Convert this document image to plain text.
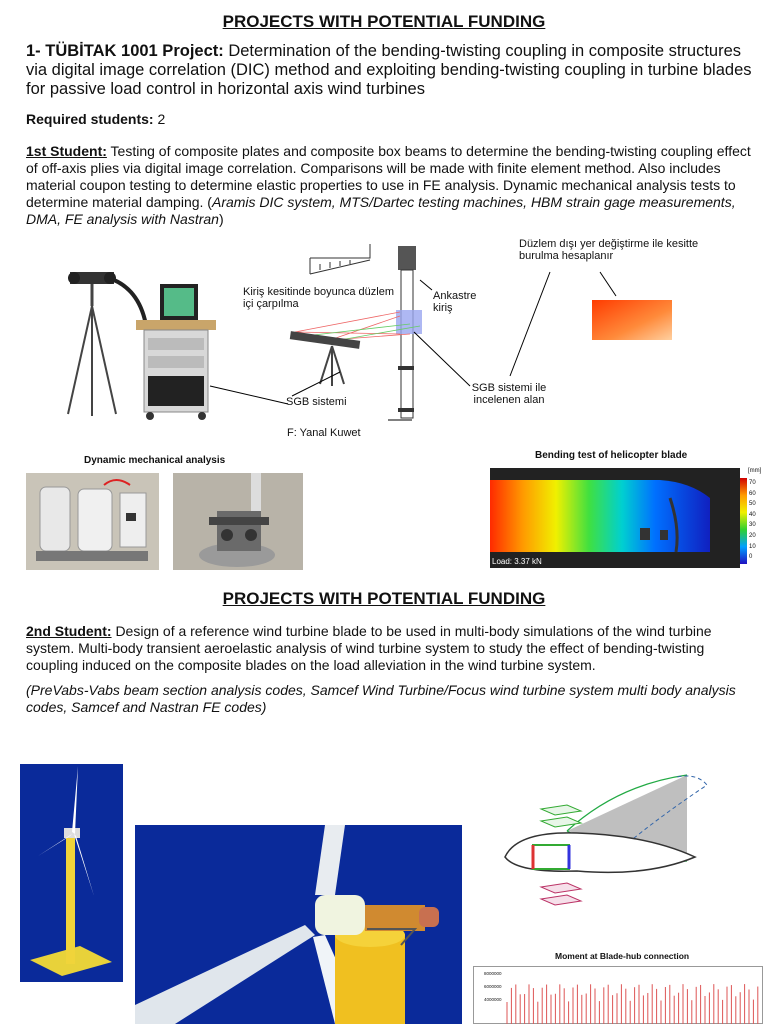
PROJECTS WITH POTENTIAL FUNDING
1- TÜBİTAK 1001 Project: Determination of the bending-twisting coupling in composite structures via digital image correlation (DIC) method and exploiting bending-twisting coupling in turbine blades for passive load control in horizontal axis wind turbines
Required students: 2
1st Student: Testing of composite plates and composite box beams to determine the bending-twisting coupling effect of off-axis plies via digital image correlation. Comparisons will be made with finite element method. Also includes material coupon testing to determine elastic properties to use in FE analysis. Dynamic mechanical analysis tests to determine material damping. (Aramis DIC system, MTS/Dartec testing machines, HBM strain gage measurements, DMA, FE analysis with Nastran)
Kiriş kesitinde boyunca düzlem içi çarpılma
Ankastre kiriş
Düzlem dışı yer değiştirme ile kesitte burulma hesaplanır
SGB sistemi
SGB sistemi ile incelenen alan
F: Yanal Kuwet
Dynamic mechanical analysis	Bending test of helicopter blade
[mm]
70
60
50
40
30
20
10
0
Load: 3.37 kN
PROJECTS WITH POTENTIAL FUNDING
2nd Student: Design of a reference wind turbine blade to be used in multi-body simulations of the wind turbine system. Multi-body transient aeroelastic analysis of wind turbine system to study the effect of bending-twisting coupling induced on the composite blades on the load alleviation in the wind turbine system.
(PreVabs-Vabs beam section analysis codes, Samcef Wind Turbine/Focus wind turbine system multi body analysis codes, Samcef and Nastran FE codes)
Moment at Blade-hub connection
8000000
6000000
4000000
